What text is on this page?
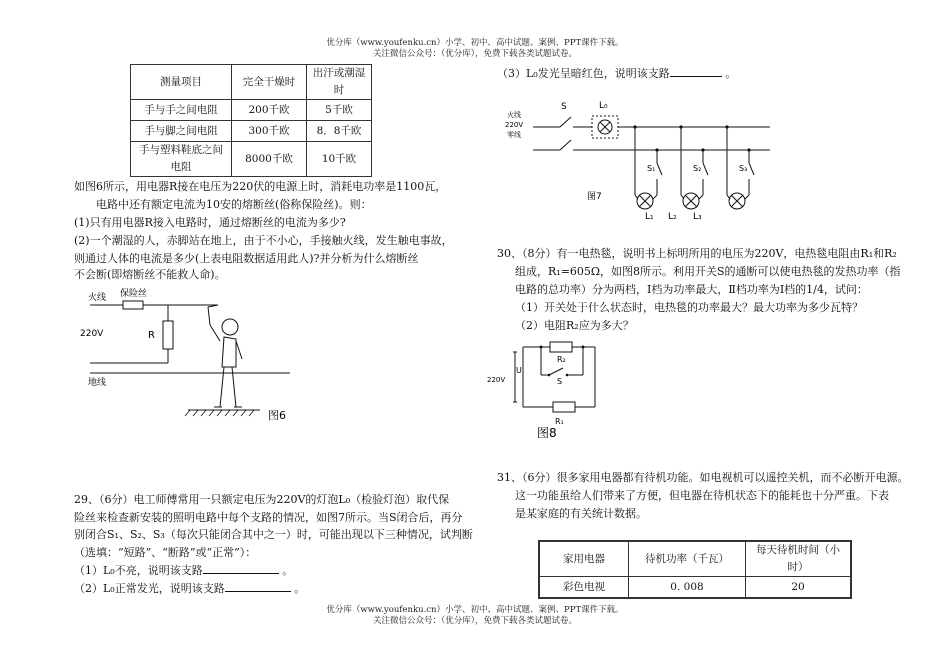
优分库（www.youfenku.cn）小学、初中、高中试题、案例、PPT课件下载。
关注微信公众号：（优分库），免费下载各类试题试卷。
优分库（www.youfenku.cn）小学、初中、高中试题、案例、PPT课件下载。
关注微信公众号：（优分库），免费下载各类试题试卷。
测量项目	完全干燥时	出汗或潮湿时
手与手之间电阻	200千欧	5千欧
手与脚之间电阻	300千欧	8．8千欧
手与塑料鞋底之间电阻	8000千欧	10千欧
如图6所示，用电器R接在电压为220伏的电源上时，消耗电功率是1100瓦，
电路中还有额定电流为10安的熔断丝(俗称保险丝)。则：
(1)只有用电器R接入电路时，通过熔断丝的电流为多少?
(2)一个潮湿的人，赤脚站在地上，由于不小心，手接触火线，发生触电事故，
则通过人体的电流是多少(上表电阻数据适用此人)?并分析为什么熔断丝
不会断(即熔断丝不能救人命)。
火线 保险丝
220V	R
地线
图6
29、（6分）电工师傅常用一只额定电压为220V的灯泡L₀（检验灯泡）取代保
险丝来检查新安装的照明电路中每个支路的情况，如图7所示。当S闭合后，再分
别闭合S₁、S₂、S₃（每次只能闭合其中之一）时，可能出现以下三种情况，试判断
（选填：“短路”、“断路”或“正常”）：
（1）L₀不亮，说明该支路	。
（2）L₀正常发光，说明该支路	。
（3）L₀发光呈暗红色，说明该支路	。
火线
220V
零线
S	L₀
S₁	S₂	S₃
L₁ L₂ L₃
图7
30、（8分）有一电热毯，说明书上标明所用的电压为220V，电热毯电阻由R₁和R₂
组成，R₁=605Ω，如图8所示。利用开关S的通断可以使电热毯的发热功率（指
电路的总功率）分为两档，Ⅰ档为功率最大，Ⅱ档功率为Ⅰ档的1/4，试问：
（1）开关处于什么状态时，电热毯的功率最大？最大功率为多少瓦特？
（2）电阻R₂应为多大？
R₂
U
S
220V
R₁
图8
31、（6分）很多家用电器都有待机功能。如电视机可以遥控关机，而不必断开电源。
这一功能虽给人们带来了方便，但电器在待机状态下的能耗也十分严重。下表
是某家庭的有关统计数据。
家用电器	待机功率（千瓦）	每天待机时间（小时）
彩色电视	0. 008	20
